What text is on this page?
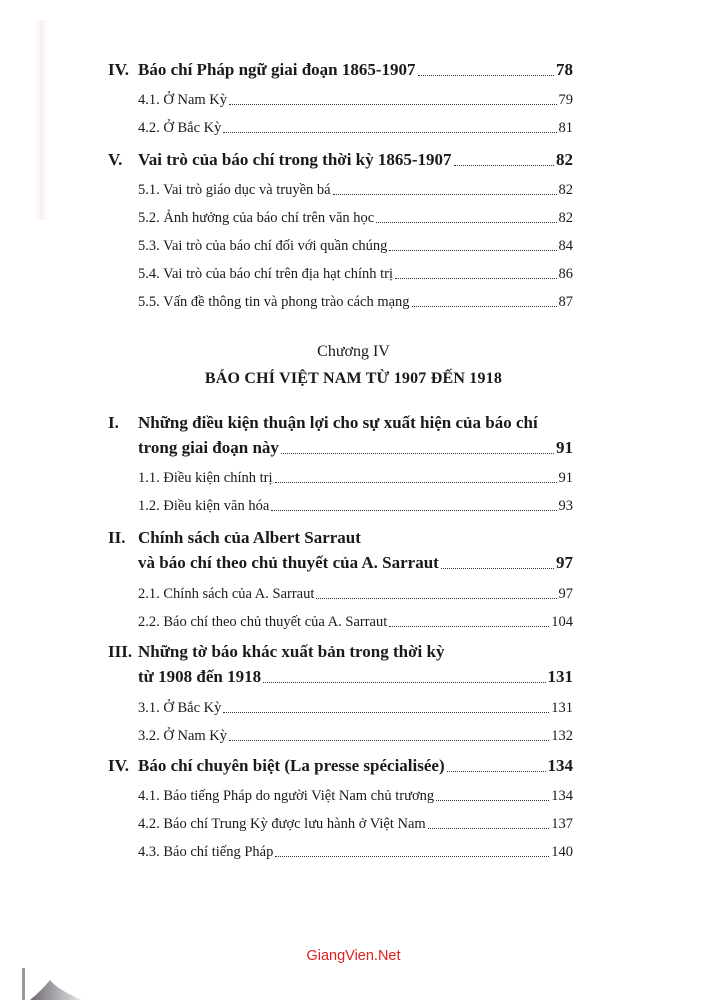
IV. Báo chí Pháp ngữ giai đoạn 1865-1907	78
4.1. Ở Nam Kỳ	79
4.2. Ở Bắc Kỳ	81
V. Vai trò của báo chí trong thời kỳ 1865-1907	82
5.1. Vai trò giáo dục và truyền bá	82
5.2. Ảnh hưởng của báo chí trên văn học	82
5.3. Vai trò của báo chí đối với quần chúng	84
5.4. Vai trò của báo chí trên địa hạt chính trị	86
5.5. Vấn đề thông tin và phong trào cách mạng	87
Chương IV
BÁO CHÍ VIỆT NAM TỪ 1907 ĐẾN 1918
I. Những điều kiện thuận lợi cho sự xuất hiện của báo chí
trong giai đoạn này	91
1.1. Điều kiện chính trị	91
1.2. Điều kiện văn hóa	93
II. Chính sách của Albert Sarraut
và báo chí theo chủ thuyết của A. Sarraut	97
2.1. Chính sách của A. Sarraut	97
2.2. Báo chí theo chủ thuyết của A. Sarraut	104
III. Những tờ báo khác xuất bản trong thời kỳ
từ 1908 đến 1918	131
3.1. Ở Bắc Kỳ	131
3.2. Ở Nam Kỳ	132
IV. Báo chí chuyên biệt (La presse spécialisée)	134
4.1. Báo tiếng Pháp do người Việt Nam chủ trương	134
4.2. Báo chí Trung Kỳ được lưu hành ở Việt Nam	137
4.3. Báo chí tiếng Pháp	140
GiangVien.Net
